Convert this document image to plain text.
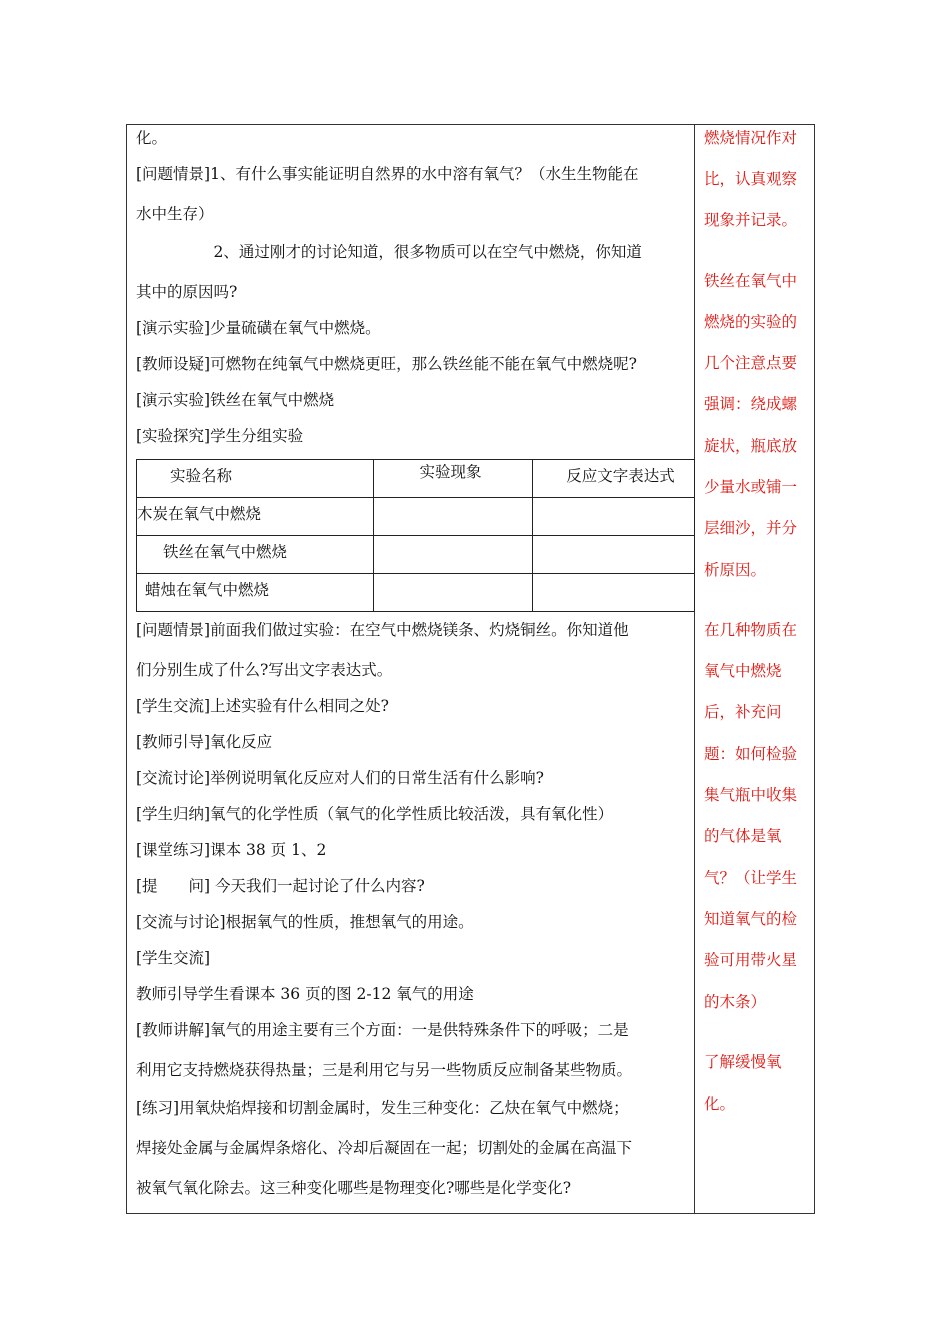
化。
[问题情景]1、有什么事实能证明自然界的水中溶有氧气？（水生生物能在
水中生存）
　　　　　2、通过刚才的讨论知道，很多物质可以在空气中燃烧，你知道
其中的原因吗?
[演示实验]少量硫磺在氧气中燃烧。
[教师设疑]可燃物在纯氧气中燃烧更旺，那么铁丝能不能在氧气中燃烧呢?
[演示实验]铁丝在氧气中燃烧
[实验探究]学生分组实验
[问题情景]前面我们做过实验：在空气中燃烧镁条、灼烧铜丝。你知道他
们分别生成了什么?写出文字表达式。
[学生交流]上述实验有什么相同之处?
[教师引导]氧化反应
[交流讨论]举例说明氧化反应对人们的日常生活有什么影响?
[学生归纳]氧气的化学性质（氧气的化学性质比较活泼，具有氧化性）
[课堂练习]课本 38 页 1、2
[提　　问] 今天我们一起讨论了什么内容?
[交流与讨论]根据氧气的性质，推想氧气的用途。
[学生交流]
教师引导学生看课本 36 页的图 2-12 氧气的用途
[教师讲解]氧气的用途主要有三个方面：一是供特殊条件下的呼吸；二是
利用它支持燃烧获得热量；三是利用它与另一些物质反应制备某些物质。
[练习]用氧炔焰焊接和切割金属时，发生三种变化：乙炔在氧气中燃烧；
焊接处金属与金属焊条熔化、冷却后凝固在一起；切割处的金属在高温下
被氧气氧化除去。这三种变化哪些是物理变化?哪些是化学变化?
实验名称	实验现象	反应文字表达式

木炭在氧气中燃烧		

铁丝在氧气中燃烧		

蜡烛在氧气中燃烧		

燃烧情况作对
比，认真观察
现象并记录。
铁丝在氧气中
燃烧的实验的
几个注意点要
强调：绕成螺
旋状，瓶底放
少量水或铺一
层细沙，并分
析原因。
在几种物质在
氧气中燃烧
后，补充问
题：如何检验
集气瓶中收集
的气体是氧
气？（让学生
知道氧气的检
验可用带火星
的木条）
了解缓慢氧
化。
